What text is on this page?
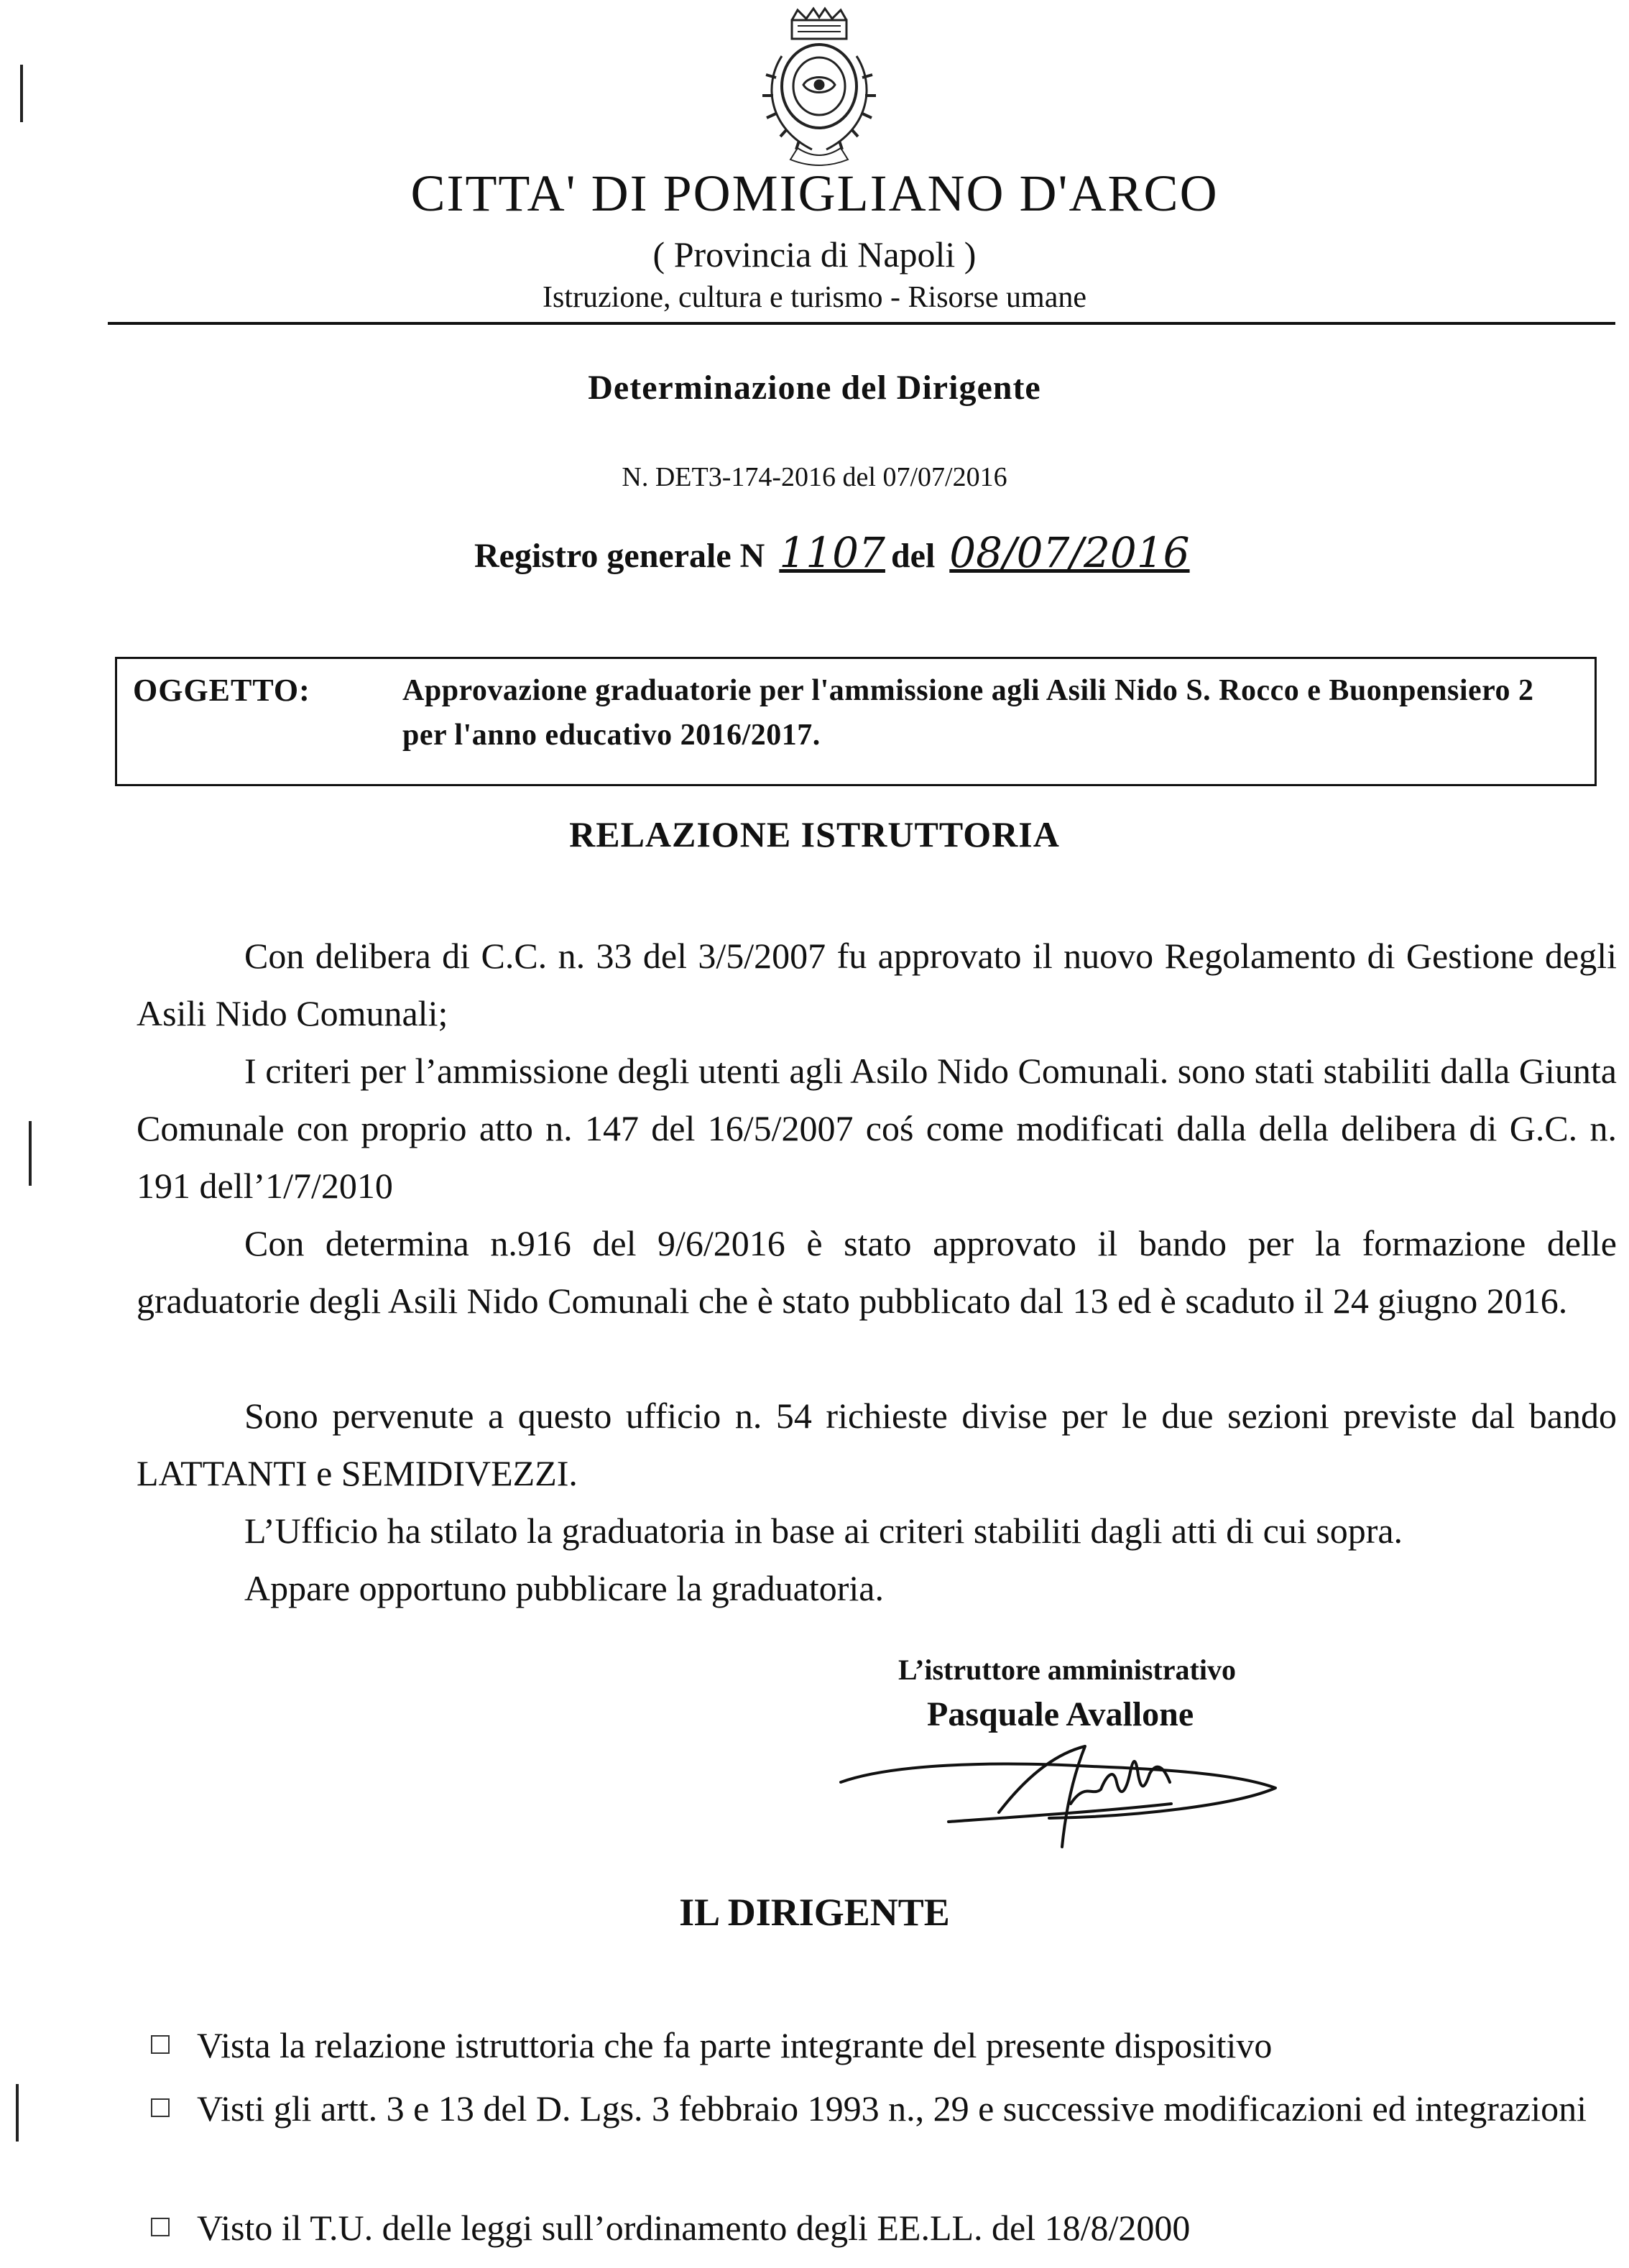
CITTA' DI POMIGLIANO D'ARCO
( Provincia di Napoli )
Istruzione, cultura e turismo - Risorse umane
Determinazione del Dirigente
N. DET3-174-2016 del 07/07/2016
Registro generale N 1107 del 08/07/2016
OGGETTO:	Approvazione graduatorie per l'ammissione agli Asili Nido S. Rocco e Buonpensiero 2 per l'anno educativo 2016/2017.
RELAZIONE ISTRUTTORIA
Con delibera di C.C. n. 33 del 3/5/2007 fu approvato il nuovo Regolamento di Gestione degli Asili Nido Comunali;
I criteri per l’ammissione degli utenti agli Asilo Nido Comunali. sono stati stabiliti dalla Giunta Comunale con proprio atto n. 147 del 16/5/2007 coś come modificati dalla della delibera di G.C. n. 191 dell’1/7/2010
Con determina n.916 del 9/6/2016 è stato approvato il bando per la formazione delle graduatorie degli Asili Nido Comunali che è stato pubblicato dal 13 ed è scaduto il 24 giugno 2016.
Sono pervenute a questo ufficio n. 54 richieste divise per le due sezioni previste dal bando LATTANTI e SEMIDIVEZZI.
L’Ufficio ha stilato la graduatoria in base ai criteri stabiliti dagli atti di cui sopra.
Appare opportuno pubblicare la graduatoria.
L’istruttore amministrativo
Pasquale Avallone
IL DIRIGENTE
Vista la relazione istruttoria che fa parte integrante del presente dispositivo
Visti gli artt. 3 e 13 del D. Lgs. 3 febbraio 1993 n., 29 e successive modificazioni ed integrazioni
Visto il T.U. delle leggi sull’ordinamento degli EE.LL. del 18/8/2000
